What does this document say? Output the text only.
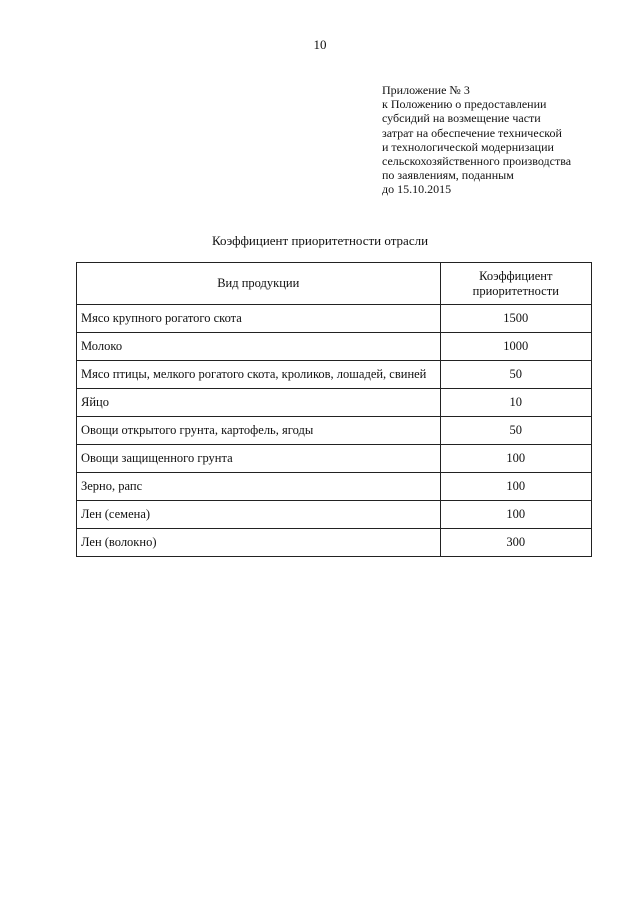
10
Приложение № 3
к Положению о предоставлении
субсидий на возмещение части
затрат на обеспечение технической
и технологической модернизации
сельскохозяйственного производства
по заявлениям, поданным
до 15.10.2015
Коэффициент приоритетности отрасли
Вид продукции	Коэффициент
приоритетности
Мясо крупного рогатого скота	1500
Молоко	1000
Мясо птицы, мелкого рогатого скота, кроликов, лошадей, свиней	50
Яйцо	10
Овощи открытого грунта, картофель, ягоды	50
Овощи защищенного грунта	100
Зерно, рапс	100
Лен (семена)	100
Лен (волокно)	300
